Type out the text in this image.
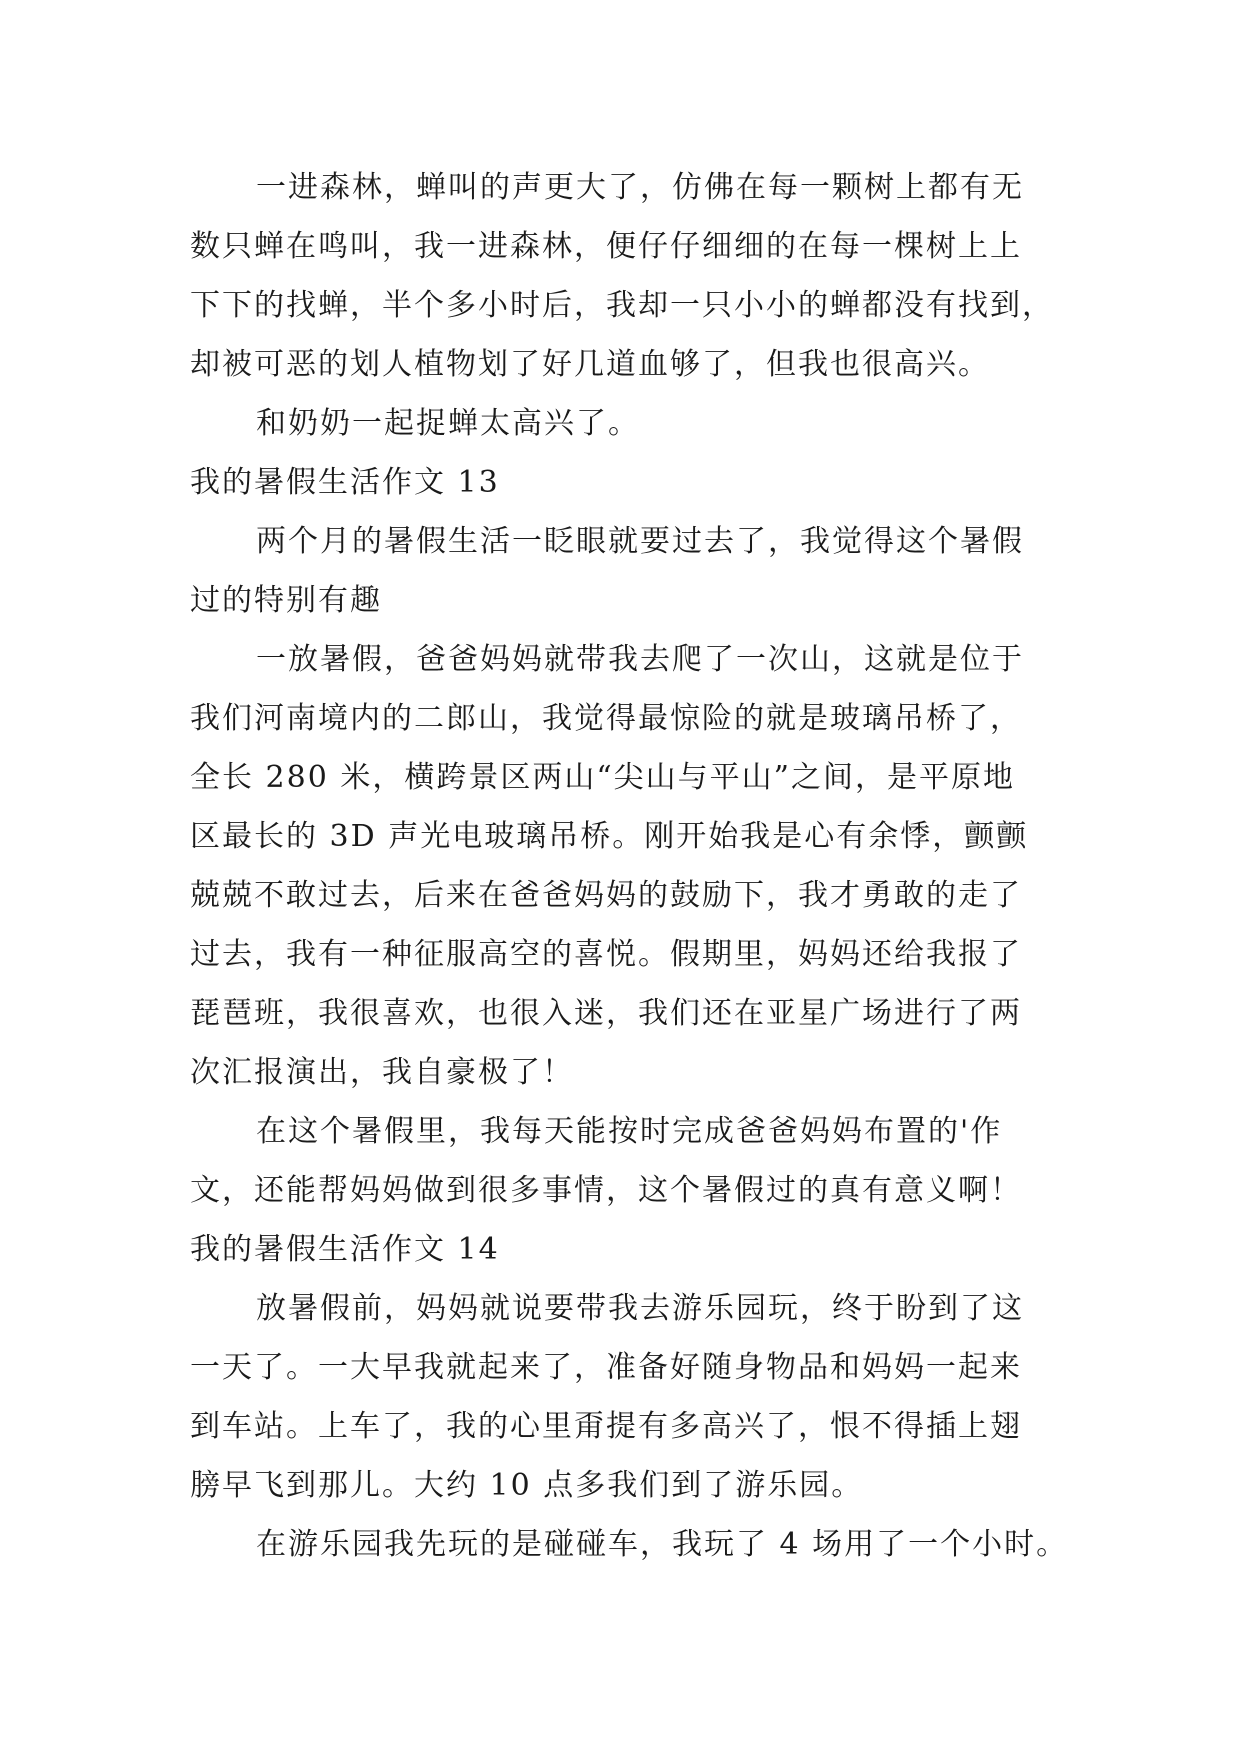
一进森林，蝉叫的声更大了，仿佛在每一颗树上都有无
数只蝉在鸣叫，我一进森林，便仔仔细细的在每一棵树上上
下下的找蝉，半个多小时后，我却一只小小的蝉都没有找到，
却被可恶的划人植物划了好几道血够了，但我也很高兴。
和奶奶一起捉蝉太高兴了。
我的暑假生活作文 13
两个月的暑假生活一眨眼就要过去了，我觉得这个暑假
过的特别有趣
一放暑假，爸爸妈妈就带我去爬了一次山，这就是位于
我们河南境内的二郎山，我觉得最惊险的就是玻璃吊桥了，
全长 280 米，横跨景区两山“尖山与平山”之间，是平原地
区最长的 3D 声光电玻璃吊桥。刚开始我是心有余悸，颤颤
兢兢不敢过去，后来在爸爸妈妈的鼓励下，我才勇敢的走了
过去，我有一种征服高空的喜悦。假期里，妈妈还给我报了
琵琶班，我很喜欢，也很入迷，我们还在亚星广场进行了两
次汇报演出，我自豪极了！
在这个暑假里，我每天能按时完成爸爸妈妈布置的'作
文，还能帮妈妈做到很多事情，这个暑假过的真有意义啊！
我的暑假生活作文 14
放暑假前，妈妈就说要带我去游乐园玩，终于盼到了这
一天了。一大早我就起来了，准备好随身物品和妈妈一起来
到车站。上车了，我的心里甭提有多高兴了，恨不得插上翅
膀早飞到那儿。大约 10 点多我们到了游乐园。
在游乐园我先玩的是碰碰车，我玩了 4 场用了一个小时。
